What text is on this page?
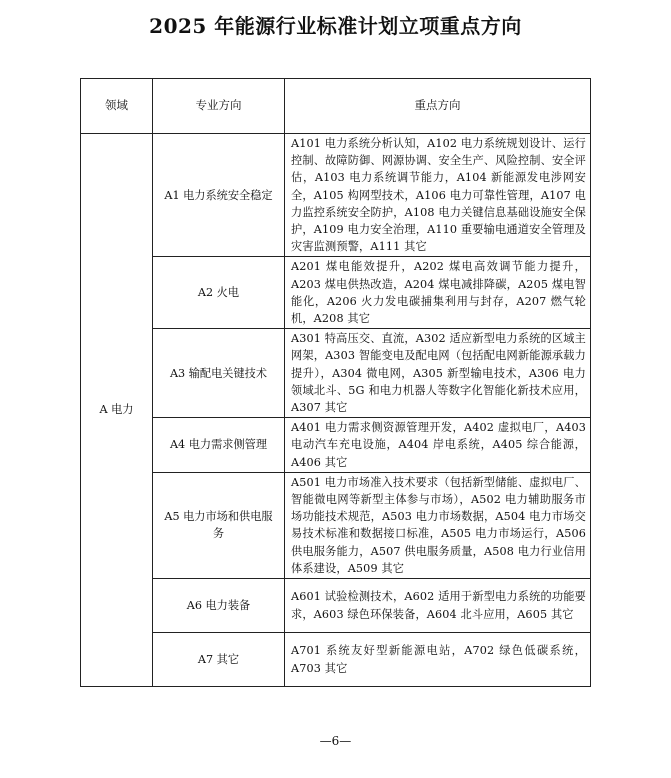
2025 年能源行业标准计划立项重点方向
领域	专业方向	重点方向
A 电力	A1 电力系统安全稳定	A101 电力系统分析认知，A102 电力系统规划设计、运行控制、故障防御、网源协调、安全生产、风险控制、安全评估，A103 电力系统调节能力，A104 新能源发电涉网安全，A105 构网型技术，A106 电力可靠性管理，A107 电力监控系统安全防护，A108 电力关键信息基础设施安全保护，A109 电力安全治理，A110 重要输电通道安全管理及灾害监测预警，A111 其它
	A2 火电	A201 煤电能效提升，A202 煤电高效调节能力提升，A203 煤电供热改造，A204 煤电减排降碳，A205 煤电智能化，A206 火力发电碳捕集利用与封存，A207 燃气轮机，A208 其它
	A3 输配电关键技术	A301 特高压交、直流，A302 适应新型电力系统的区域主网架，A303 智能变电及配电网（包括配电网新能源承载力提升），A304 微电网，A305 新型输电技术，A306 电力领域北斗、5G 和电力机器人等数字化智能化新技术应用，A307 其它
	A4 电力需求侧管理	A401 电力需求侧资源管理开发，A402 虚拟电厂，A403 电动汽车充电设施，A404 岸电系统，A405 综合能源，A406 其它
	A5 电力市场和供电服务	A501 电力市场准入技术要求（包括新型储能、虚拟电厂、智能微电网等新型主体参与市场），A502 电力辅助服务市场功能技术规范，A503 电力市场数据，A504 电力市场交易技术标准和数据接口标准，A505 电力市场运行，A506 供电服务能力，A507 供电服务质量，A508 电力行业信用体系建设，A509 其它
	A6 电力装备	A601 试验检测技术，A602 适用于新型电力系统的功能要求，A603 绿色环保装备，A604 北斗应用，A605 其它
	A7 其它	A701 系统友好型新能源电站，A702 绿色低碳系统，A703 其它
—6—
